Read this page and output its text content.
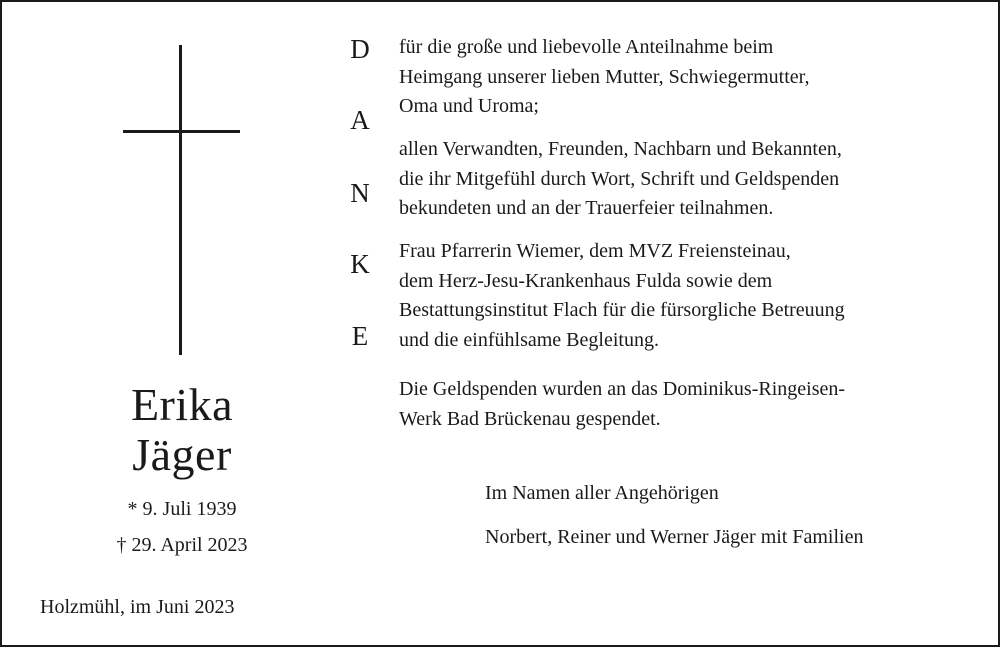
Erika
Jäger
* 9. Juli 1939
† 29. April 2023
Holzmühl, im Juni 2023
D
A
N
K
E
für die große und liebevolle Anteilnahme beim
Heimgang unserer lieben Mutter, Schwiegermutter,
Oma und Uroma;
allen Verwandten, Freunden, Nachbarn und Bekannten,
die ihr Mitgefühl durch Wort, Schrift und Geldspenden
bekundeten und an der Trauerfeier teilnahmen.
Frau Pfarrerin Wiemer, dem MVZ Freiensteinau,
dem Herz-Jesu-Krankenhaus Fulda sowie dem
Bestattungsinstitut Flach für die fürsorgliche Betreuung
und die einfühlsame Begleitung.
Die Geldspenden wurden an das Dominikus-Ringeisen-
Werk Bad Brückenau gespendet.
Im Namen aller Angehörigen
Norbert, Reiner und Werner Jäger mit Familien
